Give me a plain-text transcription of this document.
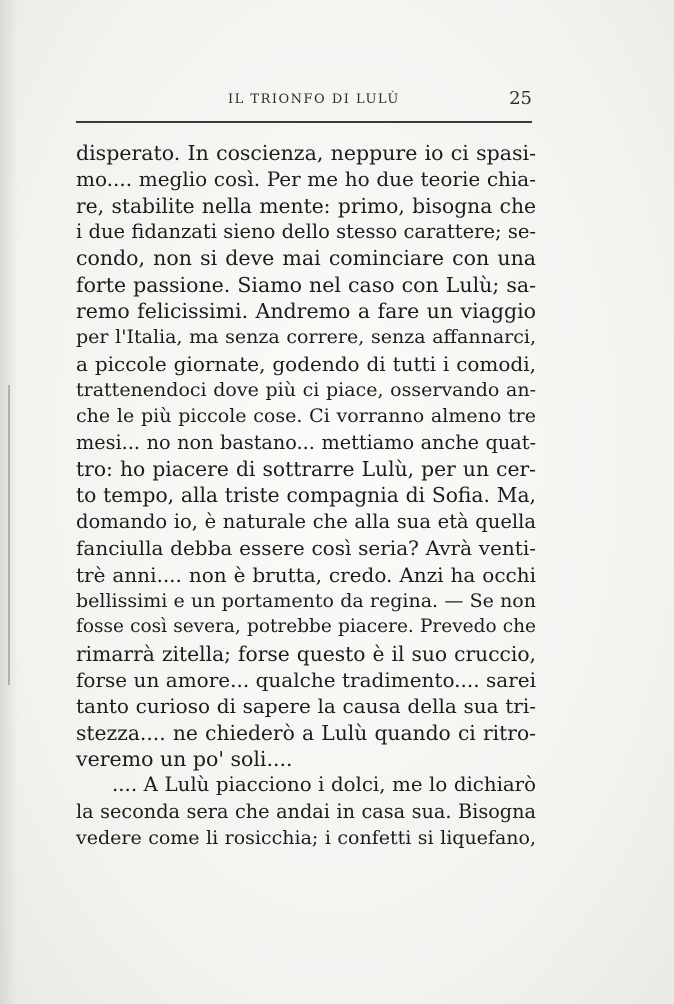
IL TRIONFO DI LULÙ	25
disperato. In coscienza, neppure io ci spasi-
mo.... meglio così. Per me ho due teorie chia-
re, stabilite nella mente: primo, bisogna che
i due fidanzati sieno dello stesso carattere; se-
condo, non si deve mai cominciare con una
forte passione. Siamo nel caso con Lulù; sa-
remo felicissimi. Andremo a fare un viaggio
per l'Italia, ma senza correre, senza affannarci,
a piccole giornate, godendo di tutti i comodi,
trattenendoci dove più ci piace, osservando an-
che le più piccole cose. Ci vorranno almeno tre
mesi... no non bastano... mettiamo anche quat-
tro: ho piacere di sottrarre Lulù, per un cer-
to tempo, alla triste compagnia di Sofia. Ma,
domando io, è naturale che alla sua età quella
fanciulla debba essere così seria? Avrà venti-
trè anni.... non è brutta, credo. Anzi ha occhi
bellissimi e un portamento da regina. — Se non
fosse così severa, potrebbe piacere. Prevedo che
rimarrà zitella; forse questo è il suo cruccio,
forse un amore... qualche tradimento.... sarei
tanto curioso di sapere la causa della sua tri-
stezza.... ne chiederò a Lulù quando ci ritro-
veremo un po' soli....
.... A Lulù piacciono i dolci, me lo dichiarò
la seconda sera che andai in casa sua. Bisogna
vedere come li rosicchia; i confetti si liquefano,
